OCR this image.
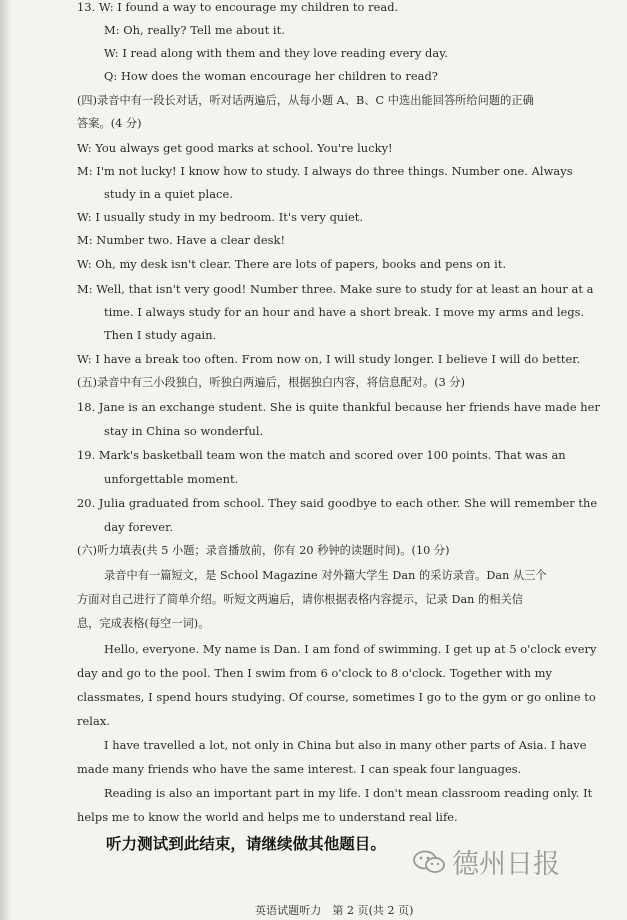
13. W: I found a way to encourage my children to read.
M: Oh, really? Tell me about it.
W: I read along with them and they love reading every day.
Q: How does the woman encourage her children to read?
(四)录音中有一段长对话，听对话两遍后，从每小题 A、B、C 中选出能回答所给问题的正确
答案。(4 分)
W: You always get good marks at school. You're lucky!
M: I'm not lucky! I know how to study. I always do three things. Number one. Always
study in a quiet place.
W: I usually study in my bedroom. It's very quiet.
M: Number two. Have a clear desk!
W: Oh, my desk isn't clear. There are lots of papers, books and pens on it.
M: Well, that isn't very good! Number three. Make sure to study for at least an hour at a
time. I always study for an hour and have a short break. I move my arms and legs.
Then I study again.
W: I have a break too often. From now on, I will study longer. I believe I will do better.
(五)录音中有三小段独白，听独白两遍后，根据独白内容，将信息配对。(3 分)
18. Jane is an exchange student. She is quite thankful because her friends have made her
stay in China so wonderful.
19. Mark's basketball team won the match and scored over 100 points. That was an
unforgettable moment.
20. Julia graduated from school. They said goodbye to each other. She will remember the
day forever.
(六)听力填表(共 5 小题；录音播放前，你有 20 秒钟的读题时间)。(10 分)
录音中有一篇短文，是 School Magazine 对外籍大学生 Dan 的采访录音。Dan 从三个
方面对自己进行了简单介绍。听短文两遍后，请你根据表格内容提示，记录 Dan 的相关信
息，完成表格(每空一词)。
Hello, everyone. My name is Dan. I am fond of swimming. I get up at 5 o'clock every
day and go to the pool. Then I swim from 6 o'clock to 8 o'clock. Together with my
classmates, I spend hours studying. Of course, sometimes I go to the gym or go online to
relax.
I have travelled a lot, not only in China but also in many other parts of Asia. I have
made many friends who have the same interest. I can speak four languages.
Reading is also an important part in my life. I don't mean classroom reading only. It
helps me to know the world and helps me to understand real life.
听力测试到此结束，请继续做其他题目。
德州日报
英语试题听力　第 2 页(共 2 页)
